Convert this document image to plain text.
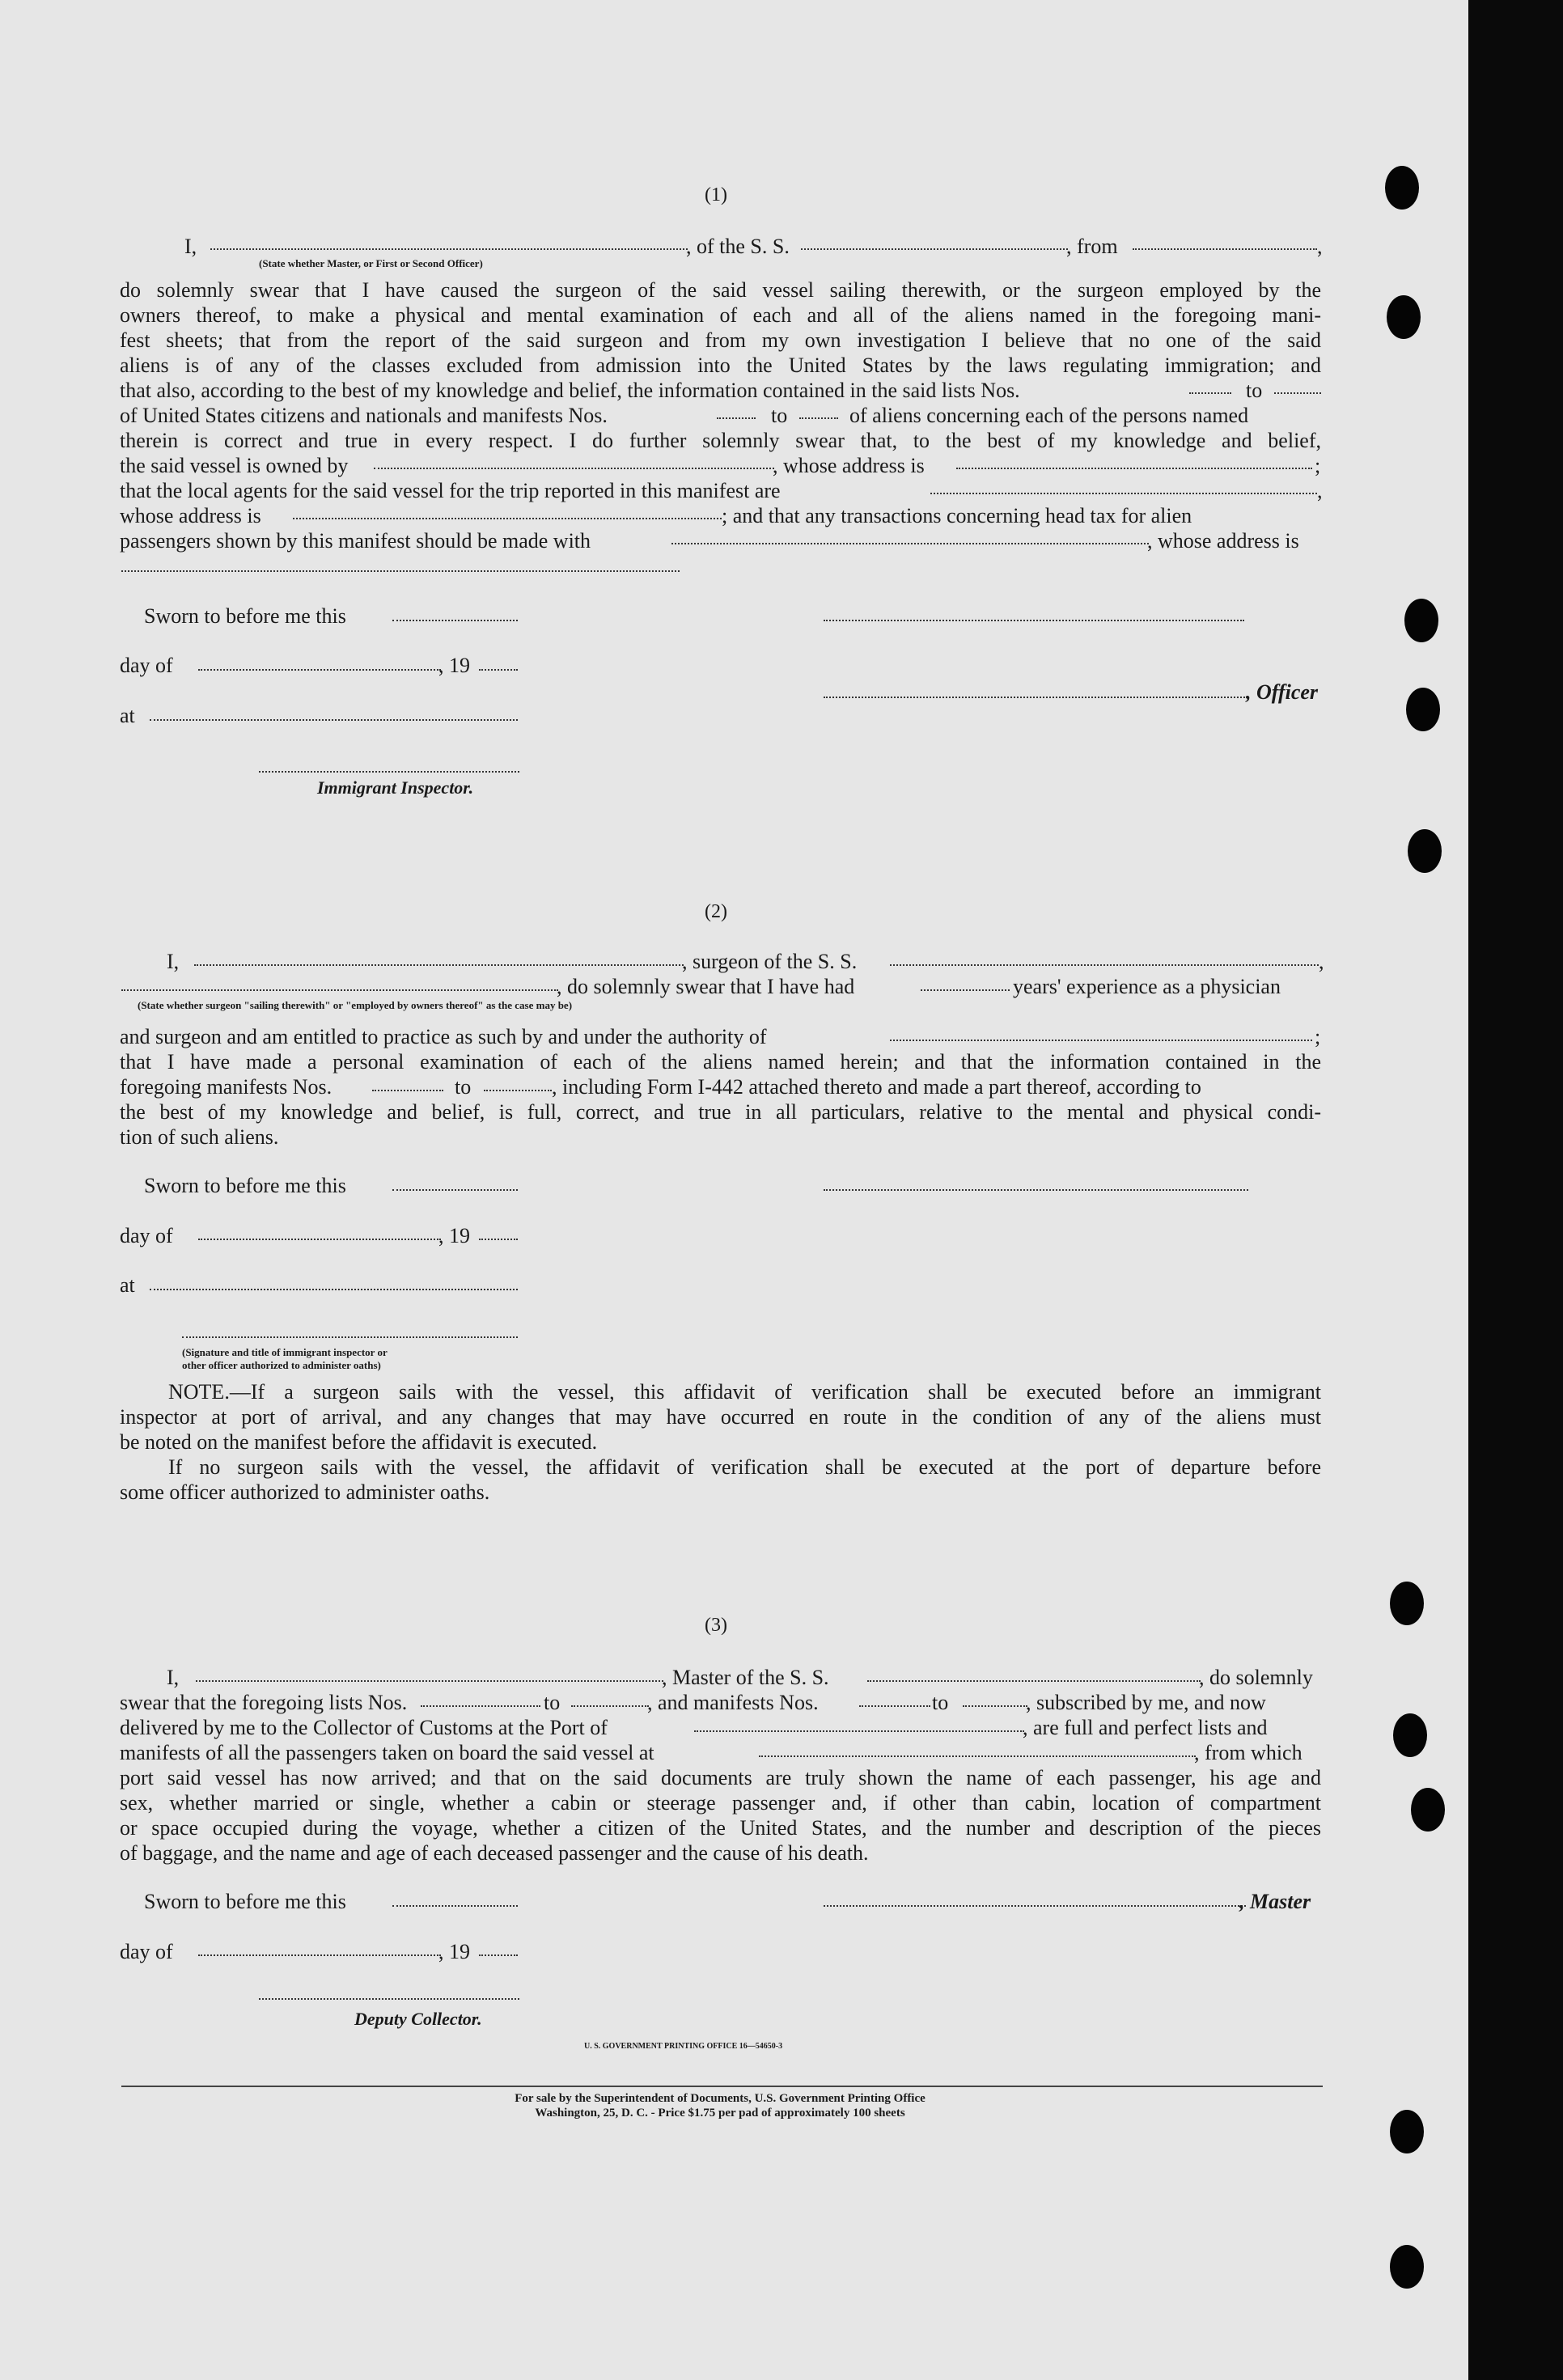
(1)
I,	, of the S. S.	, from	,
(State whether Master, or First or Second Officer)
do solemnly swear that I have caused the surgeon of the said vessel sailing therewith, or the surgeon employed by the
owners thereof, to make a physical and mental examination of each and all of the aliens named in the foregoing mani-
fest sheets; that from the report of the said surgeon and from my own investigation I believe that no one of the said
aliens is of any of the classes excluded from admission into the United States by the laws regulating immigration; and
that also, according to the best of my knowledge and belief, the information contained in the said lists Nos.	to
of United States citizens and nationals and manifests Nos.	to	of aliens concerning each of the persons named
therein is correct and true in every respect. I do further solemnly swear that, to the best of my knowledge and belief,
the said vessel is owned by	, whose address is	;
that the local agents for the said vessel for the trip reported in this manifest are	,
whose address is	; and that any transactions concerning head tax for alien
passengers shown by this manifest should be made with	, whose address is
Sworn to before me this
day of	, 19
, Officer
at
Immigrant Inspector.
(2)
I,	, surgeon of the S. S.	,
, do solemnly swear that I have had	years' experience as a physician
(State whether surgeon "sailing therewith" or "employed by owners thereof" as the case may be)
and surgeon and am entitled to practice as such by and under the authority of	;
that I have made a personal examination of each of the aliens named herein; and that the information contained in the
foregoing manifests Nos.	to	, including Form I-442 attached thereto and made a part thereof, according to
the best of my knowledge and belief, is full, correct, and true in all particulars, relative to the mental and physical condi-
tion of such aliens.
Sworn to before me this
day of	, 19
at
(Signature and title of immigrant inspector or
other officer authorized to administer oaths)
NOTE.—If a surgeon sails with the vessel, this affidavit of verification shall be executed before an immigrant
inspector at port of arrival, and any changes that may have occurred en route in the condition of any of the aliens must
be noted on the manifest before the affidavit is executed.
If no surgeon sails with the vessel, the affidavit of verification shall be executed at the port of departure before
some officer authorized to administer oaths.
(3)
I,	, Master of the S. S.	, do solemnly
swear that the foregoing lists Nos.	to	, and manifests Nos.	to	, subscribed by me, and now
delivered by me to the Collector of Customs at the Port of	, are full and perfect lists and
manifests of all the passengers taken on board the said vessel at	, from which
port said vessel has now arrived; and that on the said documents are truly shown the name of each passenger, his age and
sex, whether married or single, whether a cabin or steerage passenger and, if other than cabin, location of compartment
or space occupied during the voyage, whether a citizen of the United States, and the number and description of the pieces
of baggage, and the name and age of each deceased passenger and the cause of his death.
Sworn to before me this	, Master
day of	, 19
Deputy Collector.
U. S. GOVERNMENT PRINTING OFFICE 16—54650-3
For sale by the Superintendent of Documents, U.S. Government Printing Office
Washington, 25, D. C. - Price $1.75 per pad of approximately 100 sheets
